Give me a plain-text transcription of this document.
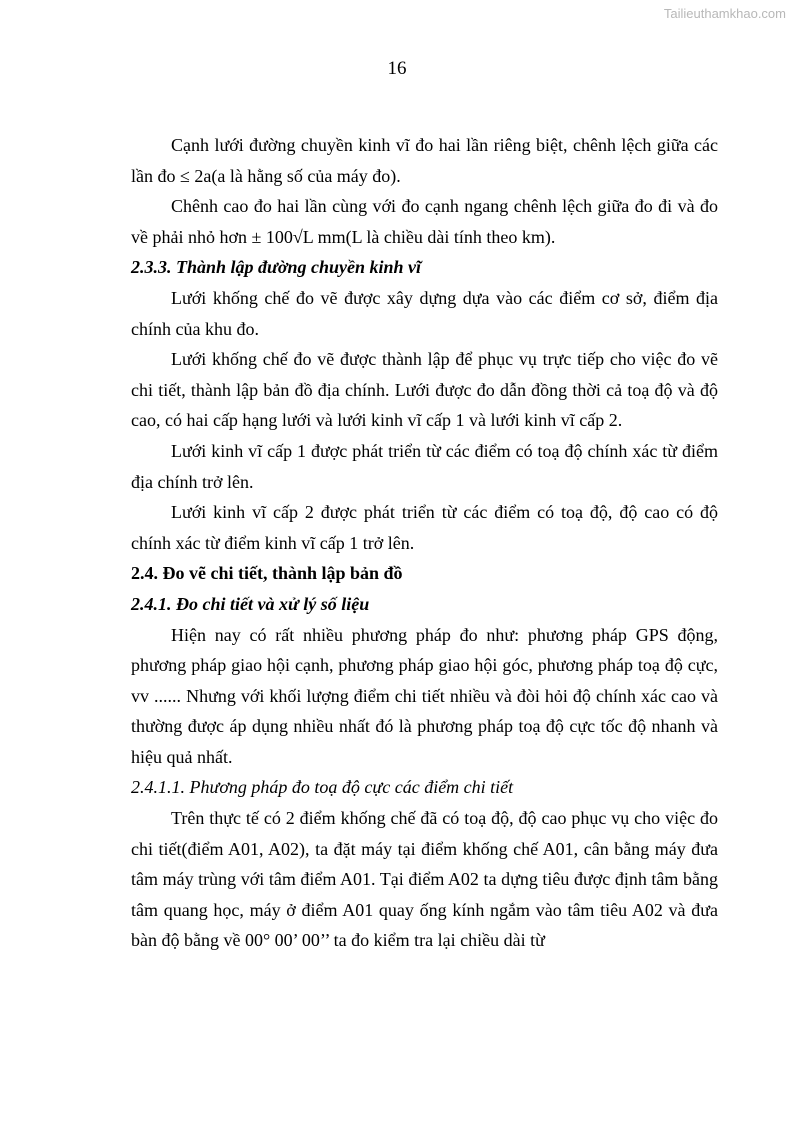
Tailieuthamkhao.com
16

Cạnh lưới đường chuyền kinh vĩ đo hai lần riêng biệt, chênh lệch giữa các lần đo ≤ 2a(a là hằng số của máy đo).

Chênh cao đo hai lần cùng với đo cạnh ngang chênh lệch giữa đo đi và đo về phải nhỏ hơn ± 100√L mm(L là chiều dài tính theo km).

2.3.3. Thành lập đường chuyền kinh vĩ

Lưới khống chế đo vẽ được xây dựng dựa vào các điểm cơ sở, điểm địa chính của khu đo.

Lưới khống chế đo vẽ được thành lập để phục vụ trực tiếp cho việc đo vẽ chi tiết, thành lập bản đồ địa chính. Lưới được đo dẫn đồng thời cả toạ độ và độ cao, có hai cấp hạng lưới và lưới kinh vĩ cấp 1 và lưới kinh vĩ cấp 2.

Lưới kinh vĩ cấp 1 được phát triển từ các điểm có toạ độ chính xác từ điểm địa chính trở lên.

Lưới kinh vĩ cấp 2 được phát triển từ các điểm có toạ độ, độ cao có độ chính xác từ điểm kinh vĩ cấp 1 trở lên.

2.4. Đo vẽ chi tiết, thành lập bản đồ

2.4.1. Đo chi tiết và xử lý số liệu

Hiện nay có rất nhiều phương pháp đo như: phương pháp GPS động, phương pháp giao hội cạnh, phương pháp giao hội góc, phương pháp toạ độ cực, vv ...... Nhưng với khối lượng điểm chi tiết nhiều và đòi hỏi độ chính xác cao và thường được áp dụng nhiều nhất đó là phương pháp toạ độ cực tốc độ nhanh và hiệu quả nhất.

2.4.1.1. Phương pháp đo toạ độ cực các điểm chi tiết

Trên thực tế có 2 điểm khống chế đã có toạ độ, độ cao phục vụ cho việc đo chi tiết(điểm A01, A02), ta đặt máy tại điểm khống chế A01, cân bằng máy đưa tâm máy trùng với tâm điểm A01. Tại điểm A02 ta dựng tiêu được định tâm bằng tâm quang học, máy ở điểm A01 quay ống kính ngắm vào tâm tiêu A02 và đưa bàn độ bằng về 00° 00’ 00’’ ta đo kiểm tra lại chiều dài từ
